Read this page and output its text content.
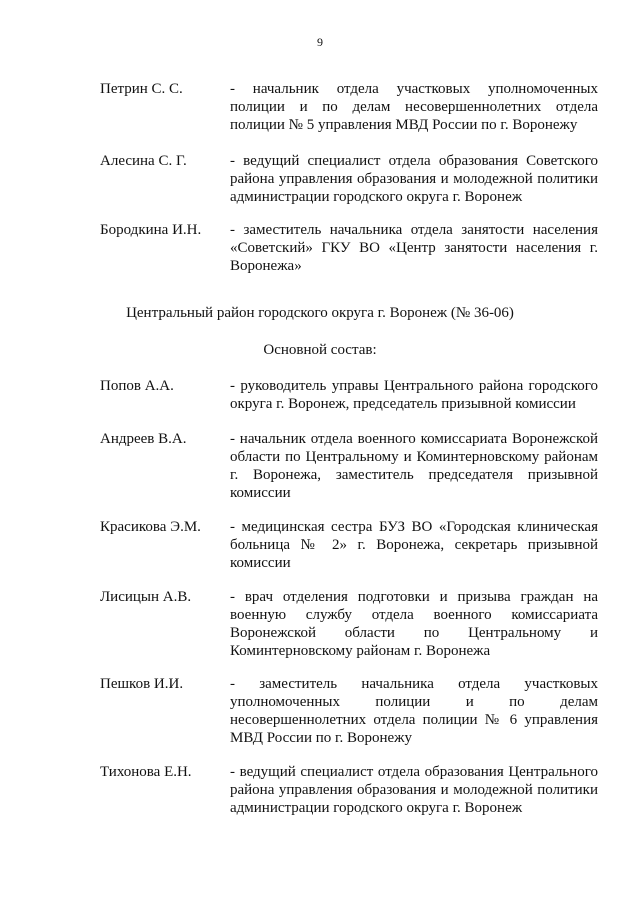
9
Петрин С. С.	- начальник отдела участковых уполномоченных полиции и по делам несовершеннолетних отдела полиции № 5 управления МВД России по г. Воронежу
Алесина С. Г.	- ведущий специалист отдела образования Советского района управления образования и молодежной политики администрации городского округа г. Воронеж
Бородкина И.Н.	- заместитель начальника отдела занятости населения «Советский» ГКУ ВО «Центр занятости населения г. Воронежа»
Центральный район городского округа г. Воронеж (№ 36-06)
Основной состав:
Попов А.А.	- руководитель управы Центрального района городского округа г. Воронеж, председатель призывной комиссии
Андреев В.А.	- начальник отдела военного комиссариата Воронежской области по Центральному и Коминтерновскому районам г. Воронежа, заместитель председателя призывной комиссии
Красикова Э.М.	- медицинская сестра БУЗ ВО «Городская клиническая больница № 2» г. Воронежа, секретарь призывной комиссии
Лисицын А.В.	- врач отделения подготовки и призыва граждан на военную службу отдела военного комиссариата Воронежской области по Центральному и Коминтерновскому районам г. Воронежа
Пешков И.И.	- заместитель начальника отдела участковых уполномоченных полиции и по делам несовершеннолетних отдела полиции № 6 управления МВД России по г. Воронежу
Тихонова Е.Н.	- ведущий специалист отдела образования Центрального района управления образования и молодежной политики администрации городского округа г. Воронеж
